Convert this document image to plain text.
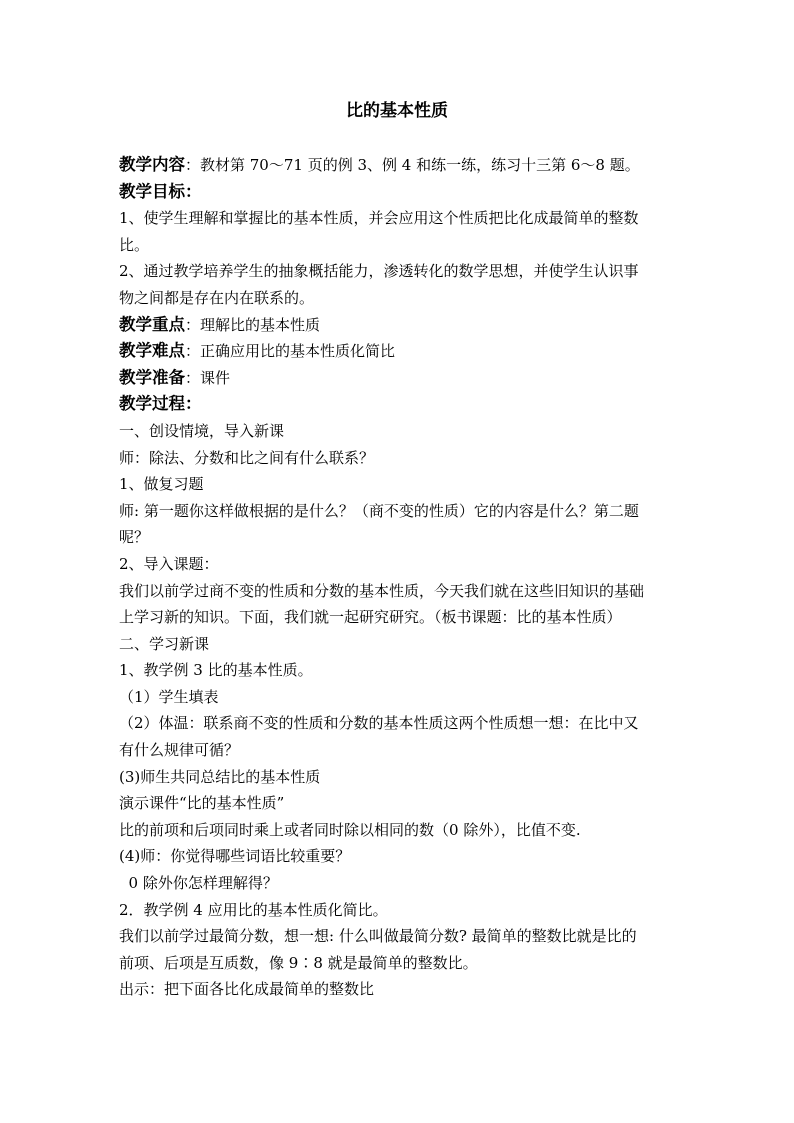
比的基本性质

教学内容：教材第 70～71 页的例 3、例 4 和练一练，练习十三第 6～8 题。

教学目标：

1、使学生理解和掌握比的基本性质，并会应用这个性质把比化成最简单的整数

比。

2、通过教学培养学生的抽象概括能力，渗透转化的数学思想，并使学生认识事

物之间都是存在内在联系的。

教学重点：理解比的基本性质

教学难点：正确应用比的基本性质化简比

教学准备：课件

教学过程：

一、创设情境，导入新课

师：除法、分数和比之间有什么联系？

1、做复习题

师: 第一题你这样做根据的是什么？（商不变的性质）它的内容是什么？第二题

呢？

2、导入课题：

我们以前学过商不变的性质和分数的基本性质，今天我们就在这些旧知识的基础

上学习新的知识。下面，我们就一起研究研究。（板书课题：比的基本性质）

二、学习新课

1、教学例 3 比的基本性质。

（1）学生填表

（2）体温：联系商不变的性质和分数的基本性质这两个性质想一想：在比中又

有什么规律可循？

(3)师生共同总结比的基本性质

演示课件“比的基本性质”

比的前项和后项同时乘上或者同时除以相同的数（0 除外），比值不变.

(4)师：你觉得哪些词语比较重要？

0 除外你怎样理解得？

2．教学例 4 应用比的基本性质化简比。

我们以前学过最简分数，想一想: 什么叫做最简分数? 最简单的整数比就是比的

前项、后项是互质数，像 9∶8 就是最简单的整数比。

出示：把下面各比化成最简单的整数比
